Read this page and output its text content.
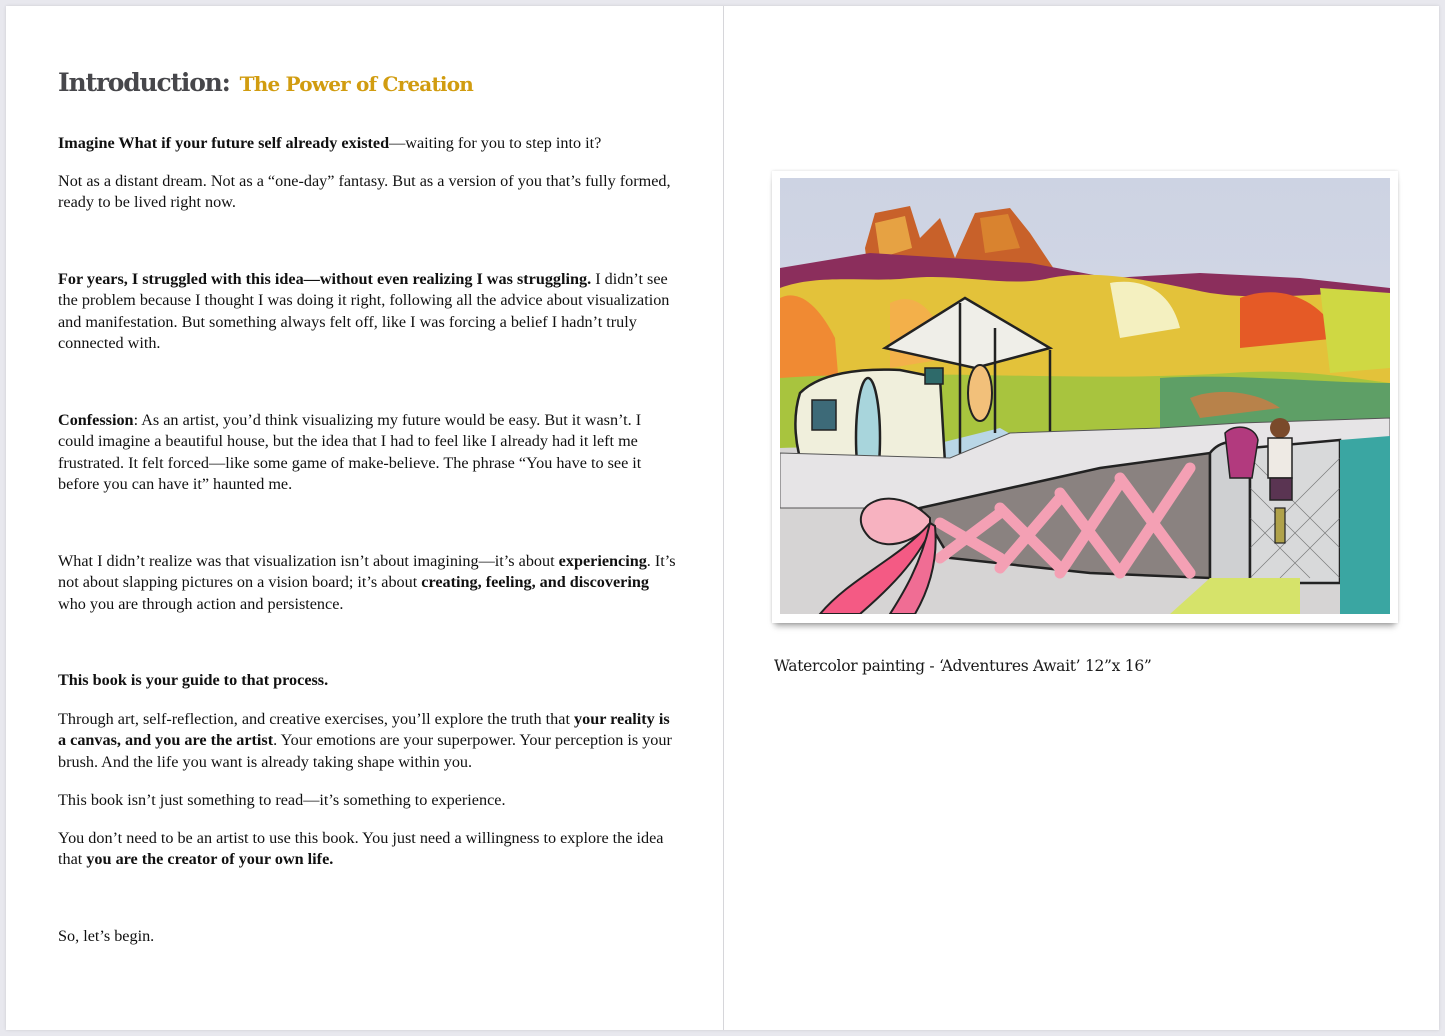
Introduction: The Power of Creation

Imagine What if your future self already existed—waiting for you to step into it?

Not as a distant dream. Not as a “one-day” fantasy. But as a version of you that’s fully formed, ready to be lived right now.

For years, I struggled with this idea—without even realizing I was struggling. I didn’t see the problem because I thought I was doing it right, following all the advice about visualization and manifestation. But something always felt off, like I was forcing a belief I hadn’t truly connected with.

Confession: As an artist, you’d think visualizing my future would be easy. But it wasn’t. I could imagine a beautiful house, but the idea that I had to feel like I already had it left me frustrated. It felt forced—like some game of make-believe. The phrase “You have to see it before you can have it” haunted me.

What I didn’t realize was that visualization isn’t about imagining—it’s about experiencing. It’s not about slapping pictures on a vision board; it’s about creating, feeling, and discovering who you are through action and persistence.

This book is your guide to that process.

Through art, self-reflection, and creative exercises, you’ll explore the truth that your reality is a canvas, and you are the artist. Your emotions are your superpower. Your perception is your brush. And the life you want is already taking shape within you.

This book isn’t just something to read—it’s something to experience.

You don’t need to be an artist to use this book. You just need a willingness to explore the idea that you are the creator of your own life.

So, let’s begin.

Watercolor painting - ‘Adventures Await’ 12”x 16”
